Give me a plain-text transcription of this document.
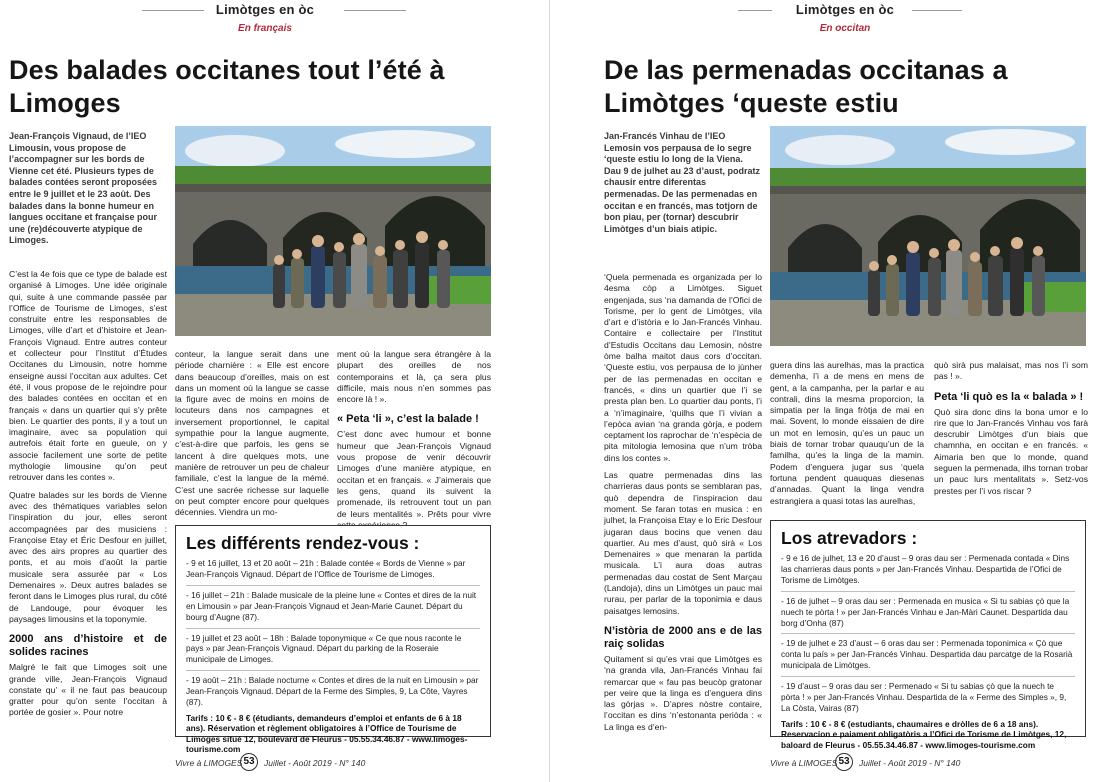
Limòtges en òc
En français
Des balades occitanes tout l’été à Limoges
Jean-François Vignaud, de l’IEO Limousin, vous propose de l’accompagner sur les bords de Vienne cet été. Plusieurs types de balades contées seront proposées entre le 9 juillet et le 23 août. Des balades dans la bonne humeur en langues occitane et française pour une (re)découverte atypique de Limoges.

C’est la 4e fois que ce type de balade est organisé à Limoges. Une idée originale qui, suite à une commande passée par l’Office de Tourisme de Limoges, s’est construite entre les responsables de Limoges, ville d’art et d’histoire et Jean-François Vignaud. Entre autres conteur et collecteur pour l’Institut d’Études Occitanes du Limousin, notre homme enseigne aussi l’occitan aux adultes. Cet été, il vous propose de le rejoindre pour des balades contées en occitan et en français « dans un quartier qui s’y prête bien. Le quartier des ponts, il y a tout un imaginaire, avec sa population qui autrefois était forte en gueule, on y associe facilement une sorte de petite mythologie limousine qu’on peut retrouver dans les contes ».

Quatre balades sur les bords de Vienne avec des thématiques variables selon l’inspiration du jour, elles seront accompagnées par des musiciens : Françoise Etay et Éric Desfour en juillet, avec des airs propres au quartier des ponts, et au mois d’août la partie musicale sera assurée par « Los Demenaires ». Deux autres balades se feront dans le Limoges plus rural, du côté de Landouge, pour évoquer les paysages limousins et la toponymie.

2000 ans d’histoire et de solides racines

Malgré le fait que Limoges soit une grande ville, Jean-François Vignaud constate qu’ « il ne faut pas beaucoup gratter pour qu’on sente l’occitan à portée de gosier ». Pour notre

conteur, la langue serait dans une période charnière : « Elle est encore dans beaucoup d’oreilles, mais on est dans un moment où la langue se casse la figure avec de moins en moins de locuteurs dans nos campagnes et inversement proportionnel, le capital sympathie pour la langue augmente, c’est-à-dire que parfois, les gens se lancent à dire quelques mots, une manière de retrouver un peu de chaleur familiale, c’est la langue de la mémé. C’est une sacrée richesse sur laquelle on peut compter encore pour quelques décennies. Viendra un mo-

ment où la langue sera étrangère à la plupart des oreilles de nos contemporains et là, ça sera plus difficile, mais nous n’en sommes pas encore là ! ».

« Peta ‘li », c’est la balade !

C’est donc avec humour et bonne humeur que Jean-François Vignaud vous propose de venir découvrir Limoges d’une manière atypique, en occitan et en français. « J’aimerais que les gens, quand ils suivent la promenade, ils retrouvent tout un pan de leurs mentalités ». Prêts pour vivre

Les différents rendez-vous :
- 9 et 16 juillet, 13 et 20 août – 21h : Balade contée « Bords de Vienne » par Jean-François Vignaud. Départ de l’Office de Tourisme de Limoges.
- 16 juillet – 21h : Balade musicale de la pleine lune « Contes et dires de la nuit en Limousin » par Jean-François Vignaud et Jean-Marie Caunet. Départ du bourg d’Augne (87).
- 19 juillet et 23 août – 18h : Balade toponymique « Ce que nous raconte le pays » par Jean-François Vignaud. Départ du parking de la Roseraie municipale de Limoges.
- 19 août – 21h : Balade nocturne « Contes et dires de la nuit en Limousin » par Jean-François Vignaud. Départ de la Ferme des Simples, 9, La Côte, Vayres (87).
Tarifs : 10 € - 8 € (étudiants, demandeurs d’emploi et enfants de 6 à 18 ans). Réservation et règlement obligatoires à l’Office de Tourisme de Limoges situé 12, boulevard de Fleurus - 05.55.34.46.87 - www.limoges-tourisme.com
Vivre à LIMOGES 53	Juillet - Août 2019 - N° 140
Limòtges en òc
En occitan
De las permenadas occitanas a Limòtges ‘queste estiu
Jan-Francés Vinhau de l’IEO Lemosin vos perpausa de lo segre ‘queste estiu lo long de la Viena. Dau 9 de julhet au 23 d’aust, podratz chausir entre diferentas permenadas. De las permenadas en occitan e en francés, mas totjorn de bon piau, per (tornar) descubrir Limòtges d’un biais atipic.

‘Quela permenada es organizada per lo 4esma còp a Limòtges. Siguet engenjada, sus ‘na damanda de l’Ofici de Torisme, per lo gent de Limòtges, vila d’art e d’istòria e lo Jan-Francés Vinhau. Contaire e collectaire per l’Institut d’Estudis Occitans dau Lemosin, nòstre òme balha maitot daus cors d’occitan. ‘Queste estiu, vos perpausa de lo jùnher per de las permenadas en occitan e francés, « dins un quartier que l’i se presta plan ben. Lo quartier dau ponts, l’i a ‘n’imaginaire, ‘quilhs que l’i vivian a l’epòca avian ‘na granda gòrja, e podem ceptament los raprochar de ‘n’espècia de pita mitologia lemosina que n’um tròba dins los contes ».

Las quatre permenadas dins las charrieras daus ponts se semblaran pas, quò dependra de l’inspiracion dau moment. Se faran totas en musica : en julhet, la Françoisa Etay e lo Eric Desfour jugaran daus bocins que venen dau quartier. Au mes d’aust, quò sirà « Los Demenaires » que menaran la partida musicala. L’i aura doas autras permenadas dau costat de Sent Marçau (Landoja), dins un Limòtges un pauc mai rurau, per parlar de la toponimia e daus paisatges lemosins.

N’istòria de 2000 ans e de las raiç solidas

Quitament si qu’es vrai que Limòtges es ‘na granda vila, Jan-Francés Vinhau fai remarcar que « fau pas beucòp gratonar per veire que la linga es d’enguera dins las gòrjas ». D’apres nòstre contaire, l’occitan es dins ‘n’estonanta periòda : « La linga es d’en-

guera dins las aurelhas, mas la practica demenha, l’i a de mens en mens de gent, a la campanha, per la parlar e au contrali, dins la mesma proporcion, la simpatia per la linga fròtja de mai en mai. Sovent, lo monde eissaien de dire un mot en lemosin, qu’es un pauc un biais de tornar trobar quauqu’un de la familha, qu’es la linga de la mamin. Podem d’enguera jugar sus ‘quela fortuna pendent quauquas diesenas d’annadas. Quant la linga vendra estrangiera a quasi totas las aurelhas,

quò sirà pus malaisat, mas nos l’i som pas ! ».

Peta ‘li quò es la « balada » !

Quò sira donc dins la bona umor e lo rire que lo Jan-Francés Vinhau vos farà descrubir Limòtges d’un biais que chamnha, en occitan e en francés. « Aimaria ben que lo monde, quand seguen la permenada, ilhs tornan trobar un pauc lurs mentalitats ». Setz-vos prestes per l’i vos riscar ?

Los atrevadors :
- 9 e 16 de julhet, 13 e 20 d’aust – 9 oras dau ser : Permenada contada « Dins las charrieras daus ponts » per Jan-Francés Vinhau. Despartida de l’Ofici de Torisme de Limòtges.
- 16 de julhet – 9 oras dau ser : Permenada en musica « Si tu sabias çò que la nuech te pòrta ! » per Jan-Francés Vinhau e Jan-Màri Caunet. Despartida dau borg d’Onha (87)
- 19 de julhet e 23 d’aust – 6 oras dau ser : Permenada toponimica « Çò que conta lu país » per Jan-Francés Vinhau. Despartida dau parcatge de la Rosarià municipala de Limòtges.
- 19 d’aust – 9 oras dau ser : Permenado « Si tu sabias çò que la nuech te pòrta ! » per Jan-Francés Vinhau. Despartida de la « Ferme des Simples », 9, La Còsta, Vairas (87)
Tarifs : 10 € - 8 € (estudiants, chaumaires e dròlles de 6 a 18 ans). Reservacion e paiament obligatòris a l’Ofici de Torisme de Limòtges, 12, baloard de Fleurus - 05.55.34.46.87 - www.limoges-tourisme.com
Vivre à LIMOGES 53	Juillet - Août 2019 - N° 140
